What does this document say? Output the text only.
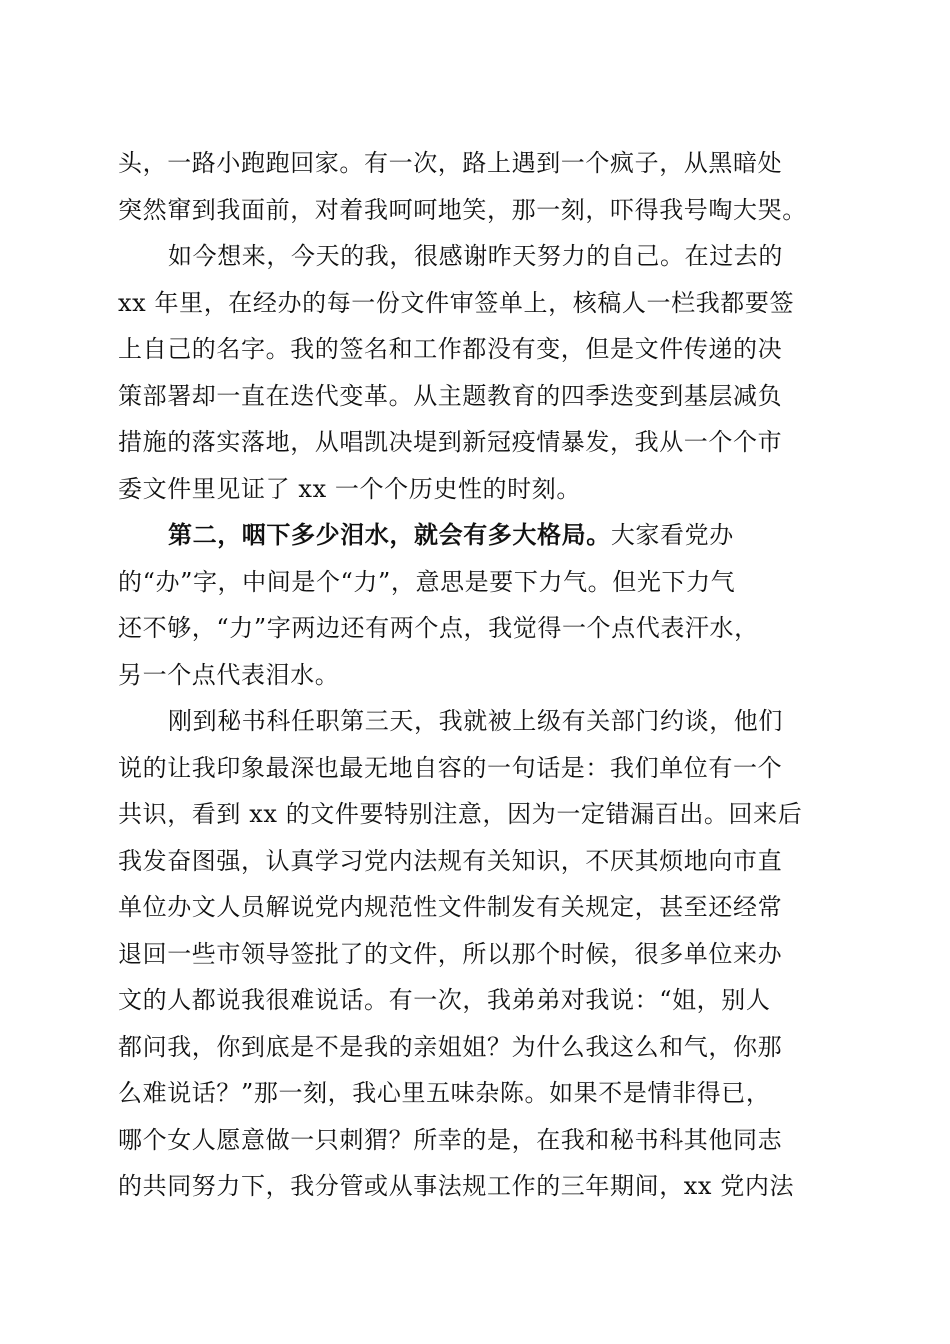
头，一路小跑跑回家。有一次，路上遇到一个疯子，从黑暗处
突然窜到我面前，对着我呵呵地笑，那一刻，吓得我号啕大哭。
如今想来，今天的我，很感谢昨天努力的自己。在过去的
xx 年里，在经办的每一份文件审签单上，核稿人一栏我都要签
上自己的名字。我的签名和工作都没有变，但是文件传递的决
策部署却一直在迭代变革。从主题教育的四季迭变到基层减负
措施的落实落地，从唱凯决堤到新冠疫情暴发，我从一个个市
委文件里见证了 xx 一个个历史性的时刻。
第二，咽下多少泪水，就会有多大格局。大家看党办
的“办”字，中间是个“力”，意思是要下力气。但光下力气
还不够，“力”字两边还有两个点，我觉得一个点代表汗水，
另一个点代表泪水。
刚到秘书科任职第三天，我就被上级有关部门约谈，他们
说的让我印象最深也最无地自容的一句话是：我们单位有一个
共识，看到 xx 的文件要特别注意，因为一定错漏百出。回来后
我发奋图强，认真学习党内法规有关知识，不厌其烦地向市直
单位办文人员解说党内规范性文件制发有关规定，甚至还经常
退回一些市领导签批了的文件，所以那个时候，很多单位来办
文的人都说我很难说话。有一次，我弟弟对我说：“姐，别人
都问我，你到底是不是我的亲姐姐？为什么我这么和气，你那
么难说话？”那一刻，我心里五味杂陈。如果不是情非得已，
哪个女人愿意做一只刺猬？所幸的是，在我和秘书科其他同志
的共同努力下，我分管或从事法规工作的三年期间，xx 党内法
